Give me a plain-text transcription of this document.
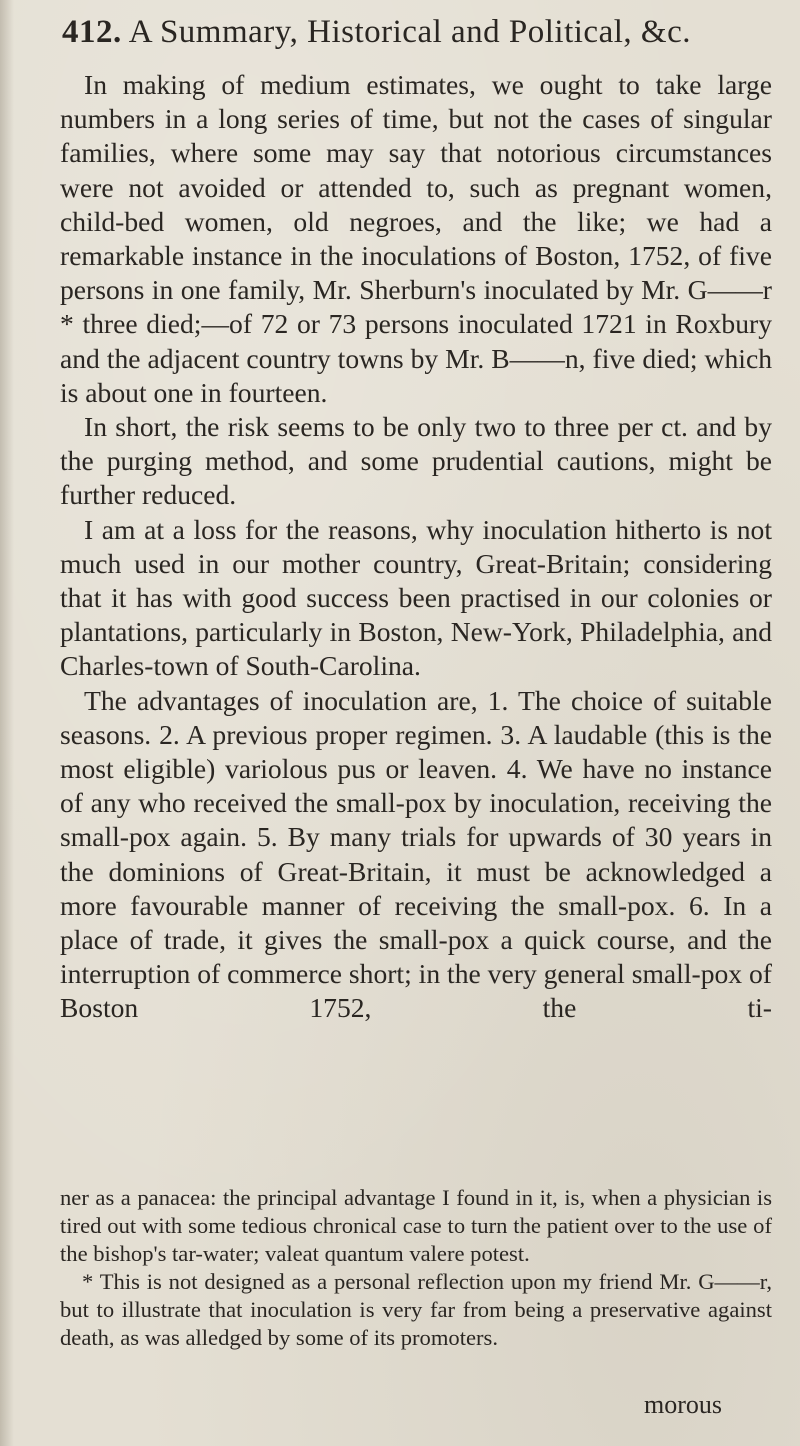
412. A Summary, Historical and Political, &c.

In making of medium estimates, we ought to take large numbers in a long series of time, but not the cases of singular families, where some may say that notorious circumstances were not avoided or attended to, such as pregnant women, child-bed women, old negroes, and the like; we had a remarkable instance in the inoculations of Boston, 1752, of five persons in one family, Mr. Sherburn's inoculated by Mr. G——r * three died;—of 72 or 73 persons inoculated 1721 in Roxbury and the adjacent country towns by Mr. B——n, five died; which is about one in fourteen.

In short, the risk seems to be only two to three per ct. and by the purging method, and some prudential cautions, might be further reduced.

I am at a loss for the reasons, why inoculation hitherto is not much used in our mother country, Great-Britain; considering that it has with good success been practised in our colonies or plantations, particularly in Boston, New-York, Philadelphia, and Charles-town of South-Carolina.

The advantages of inoculation are, 1. The choice of suitable seasons. 2. A previous proper regimen. 3. A laudable (this is the most eligible) variolous pus or leaven. 4. We have no instance of any who received the small-pox by inoculation, receiving the small-pox again. 5. By many trials for upwards of 30 years in the dominions of Great-Britain, it must be acknowledged a more favourable manner of receiving the small-pox. 6. In a place of trade, it gives the small-pox a quick course, and the interruption of commerce short; in the very general small-pox of Boston 1752, the ti-

ner as a panacea: the principal advantage I found in it, is, when a physician is tired out with some tedious chronical case to turn the patient over to the use of the bishop's tar-water; valeat quantum valere potest.

* This is not designed as a personal reflection upon my friend Mr. G——r, but to illustrate that inoculation is very far from being a preservative against death, as was alledged by some of its promoters.

morous
